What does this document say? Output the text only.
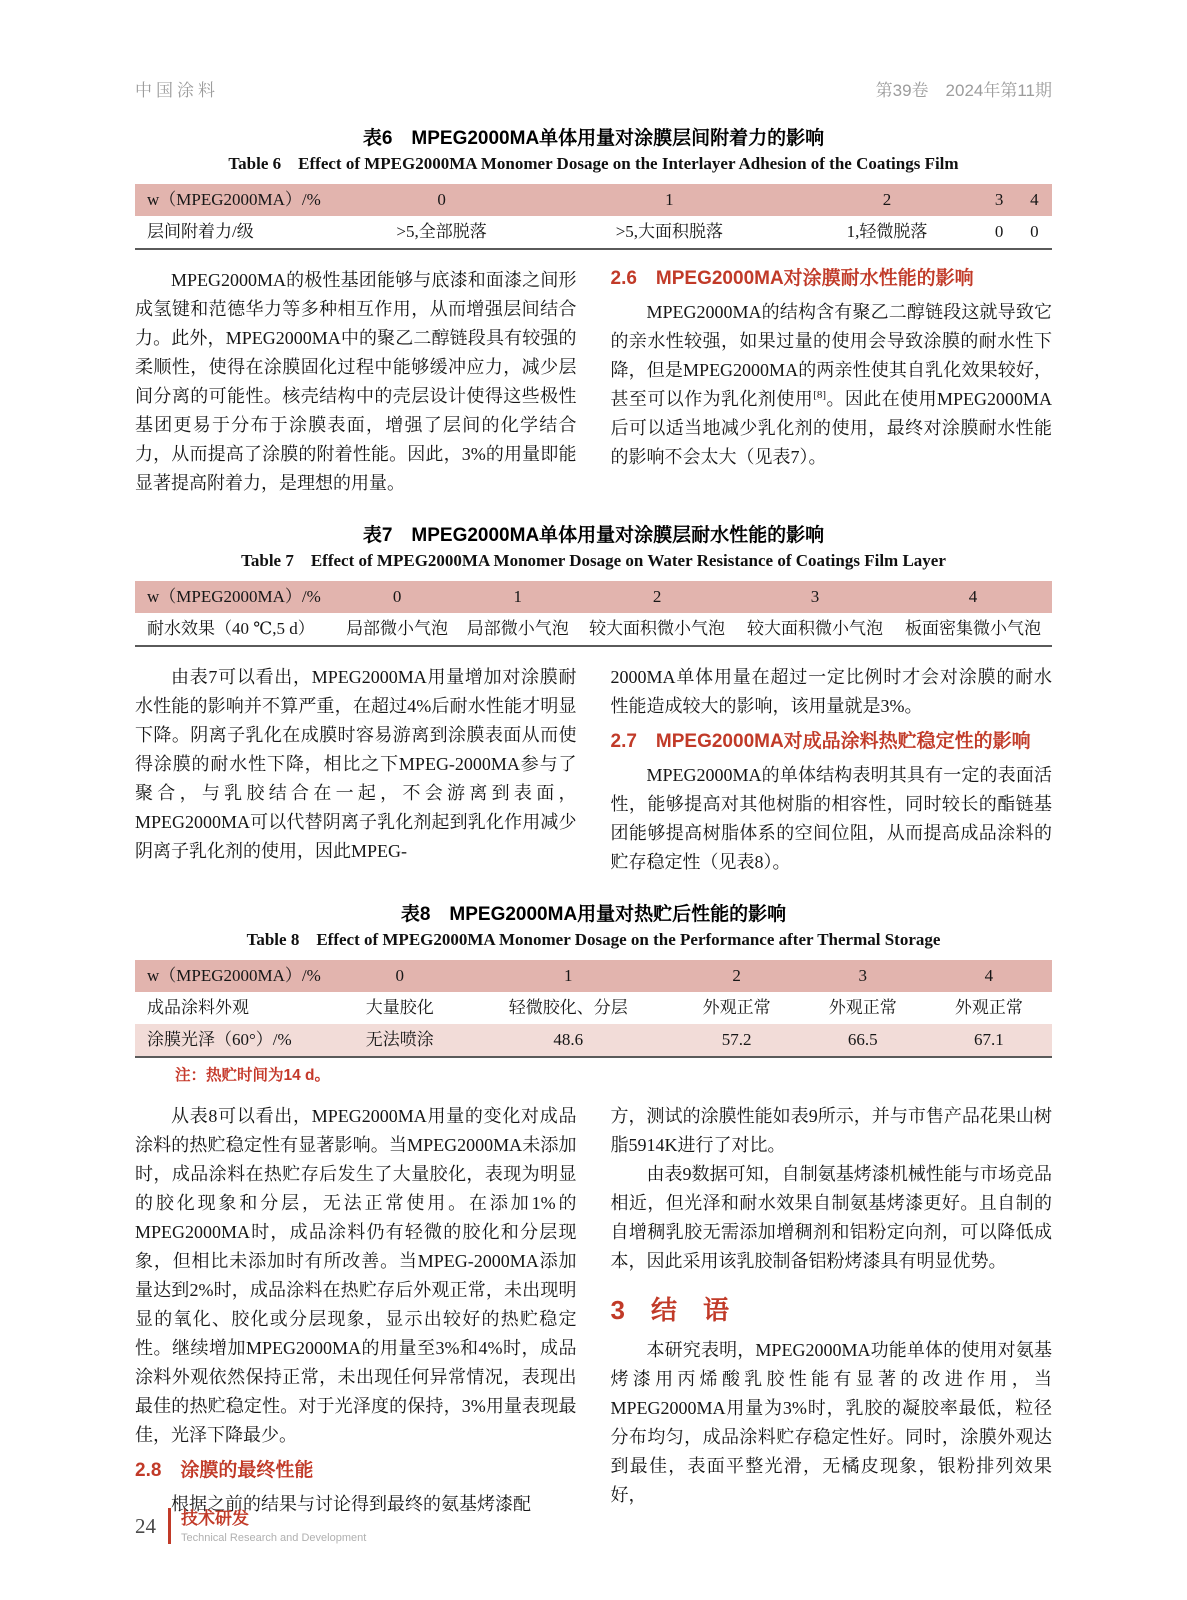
中国涂料	第39卷　2024年第11期
表6　MPEG2000MA单体用量对涂膜层间附着力的影响
Table 6　Effect of MPEG2000MA Monomer Dosage on the Interlayer Adhesion of the Coatings Film
w（MPEG2000MA）/%	0	1	2	3	4
层间附着力/级	>5,全部脱落	>5,大面积脱落	1,轻微脱落	0	0

MPEG2000MA的极性基团能够与底漆和面漆之间形成氢键和范德华力等多种相互作用，从而增强层间结合力。此外，MPEG2000MA中的聚乙二醇链段具有较强的柔顺性，使得在涂膜固化过程中能够缓冲应力，减少层间分离的可能性。核壳结构中的壳层设计使得这些极性基团更易于分布于涂膜表面，增强了层间的化学结合力，从而提高了涂膜的附着性能。因此，3%的用量即能显著提高附着力，是理想的用量。

2.6　MPEG2000MA对涂膜耐水性能的影响

MPEG2000MA的结构含有聚乙二醇链段这就导致它的亲水性较强，如果过量的使用会导致涂膜的耐水性下降，但是MPEG2000MA的两亲性使其自乳化效果较好，甚至可以作为乳化剂使用[8]。因此在使用MPEG2000MA后可以适当地减少乳化剂的使用，最终对涂膜耐水性能的影响不会太大（见表7）。

表7　MPEG2000MA单体用量对涂膜层耐水性能的影响
Table 7　Effect of MPEG2000MA Monomer Dosage on Water Resistance of Coatings Film Layer
w（MPEG2000MA）/%	0	1	2	3	4
耐水效果（40 ℃,5 d）	局部微小气泡	局部微小气泡	较大面积微小气泡	较大面积微小气泡	板面密集微小气泡

由表7可以看出，MPEG2000MA用量增加对涂膜耐水性能的影响并不算严重，在超过4%后耐水性能才明显下降。阴离子乳化在成膜时容易游离到涂膜表面从而使得涂膜的耐水性下降，相比之下MPEG-2000MA参与了聚合，与乳胶结合在一起，不会游离到表面，MPEG2000MA可以代替阴离子乳化剂起到乳化作用减少阴离子乳化剂的使用，因此MPEG-

2000MA单体用量在超过一定比例时才会对涂膜的耐水性能造成较大的影响，该用量就是3%。

2.7　MPEG2000MA对成品涂料热贮稳定性的影响

MPEG2000MA的单体结构表明其具有一定的表面活性，能够提高对其他树脂的相容性，同时较长的酯链基团能够提高树脂体系的空间位阻，从而提高成品涂料的贮存稳定性（见表8）。

表8　MPEG2000MA用量对热贮后性能的影响
Table 8　Effect of MPEG2000MA Monomer Dosage on the Performance after Thermal Storage
w（MPEG2000MA）/%	0	1	2	3	4
成品涂料外观	大量胶化	轻微胶化、分层	外观正常	外观正常	外观正常
涂膜光泽（60°）/%	无法喷涂	48.6	57.2	66.5	67.1
注：热贮时间为14 d。

从表8可以看出，MPEG2000MA用量的变化对成品涂料的热贮稳定性有显著影响。当MPEG2000MA未添加时，成品涂料在热贮存后发生了大量胶化，表现为明显的胶化现象和分层，无法正常使用。在添加1%的MPEG2000MA时，成品涂料仍有轻微的胶化和分层现象，但相比未添加时有所改善。当MPEG-2000MA添加量达到2%时，成品涂料在热贮存后外观正常，未出现明显的氧化、胶化或分层现象，显示出较好的热贮稳定性。继续增加MPEG2000MA的用量至3%和4%时，成品涂料外观依然保持正常，未出现任何异常情况，表现出最佳的热贮稳定性。对于光泽度的保持，3%用量表现最佳，光泽下降最少。

2.8　涂膜的最终性能

根据之前的结果与讨论得到最终的氨基烤漆配

方，测试的涂膜性能如表9所示，并与市售产品花果山树脂5914K进行了对比。

由表9数据可知，自制氨基烤漆机械性能与市场竞品相近，但光泽和耐水效果自制氨基烤漆更好。且自制的自增稠乳胶无需添加增稠剂和铝粉定向剂，可以降低成本，因此采用该乳胶制备铝粉烤漆具有明显优势。

3　结　语

本研究表明，MPEG2000MA功能单体的使用对氨基烤漆用丙烯酸乳胶性能有显著的改进作用，当MPEG2000MA用量为3%时，乳胶的凝胶率最低，粒径分布均匀，成品涂料贮存稳定性好。同时，涂膜外观达到最佳，表面平整光滑，无橘皮现象，银粉排列效果好，

24 技术研发
Technical Research and Development
